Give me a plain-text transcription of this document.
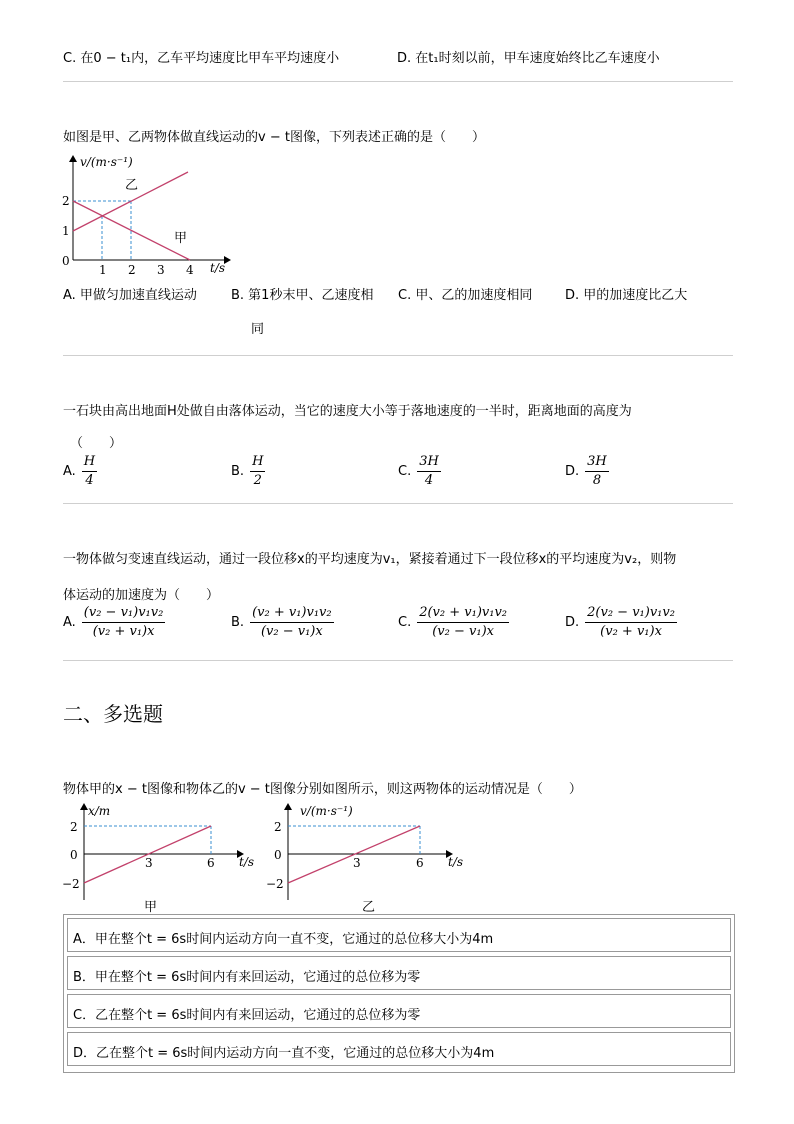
C. 在0 − t₁内，乙车平均速度比甲车平均速度小	D. 在t₁时刻以前，甲车速度始终比乙车速度小
如图是甲、乙两物体做直线运动的v − t图像，下列表述正确的是（　　）
v/(m·s⁻¹)
t/s
0
2
1
1 2 3 4
乙
甲
A. 甲做匀加速直线运动	B. 第1秒末甲、乙速度相
同
C. 甲、乙的加速度相同	D. 甲的加速度比乙大
一石块由高出地面H处做自由落体运动，当它的速度大小等于落地速度的一半时，距离地面的高度为
（　　）
A. $\frac{H}{4}$	B. $\frac{H}{2}$	C. $\frac{3H}{4}$	D. $\frac{3H}{8}$
一物体做匀变速直线运动，通过一段位移x的平均速度为v₁，紧接着通过下一段位移x的平均速度为v₂，则物
体运动的加速度为（　　）
A. $\frac{\text{(v₂ − v₁)v₁v₂}}{\text{(v₂ + v₁)x}}$	B. $\frac{\text{(v₂ + v₁)v₁v₂}}{\text{(v₂ − v₁)x}}$	C. $\frac{\text{2(v₂ + v₁)v₁v₂}}{\text{(v₂ − v₁)x}}$	D. $\frac{\text{2(v₂ − v₁)v₁v₂}}{\text{(v₂ + v₁)x}}$
二、多选题
物体甲的x − t图像和物体乙的v − t图像分别如图所示，则这两物体的运动情况是（　　）
x/m
t/s
2
0
−2
3	6
甲
v/(m·s⁻¹)
t/s
2
0
−2
3	6
乙
A．甲在整个t = 6s时间内运动方向一直不变，它通过的总位移大小为4m
B．甲在整个t = 6s时间内有来回运动，它通过的总位移为零
C．乙在整个t = 6s时间内有来回运动，它通过的总位移为零
D．乙在整个t = 6s时间内运动方向一直不变，它通过的总位移大小为4m
